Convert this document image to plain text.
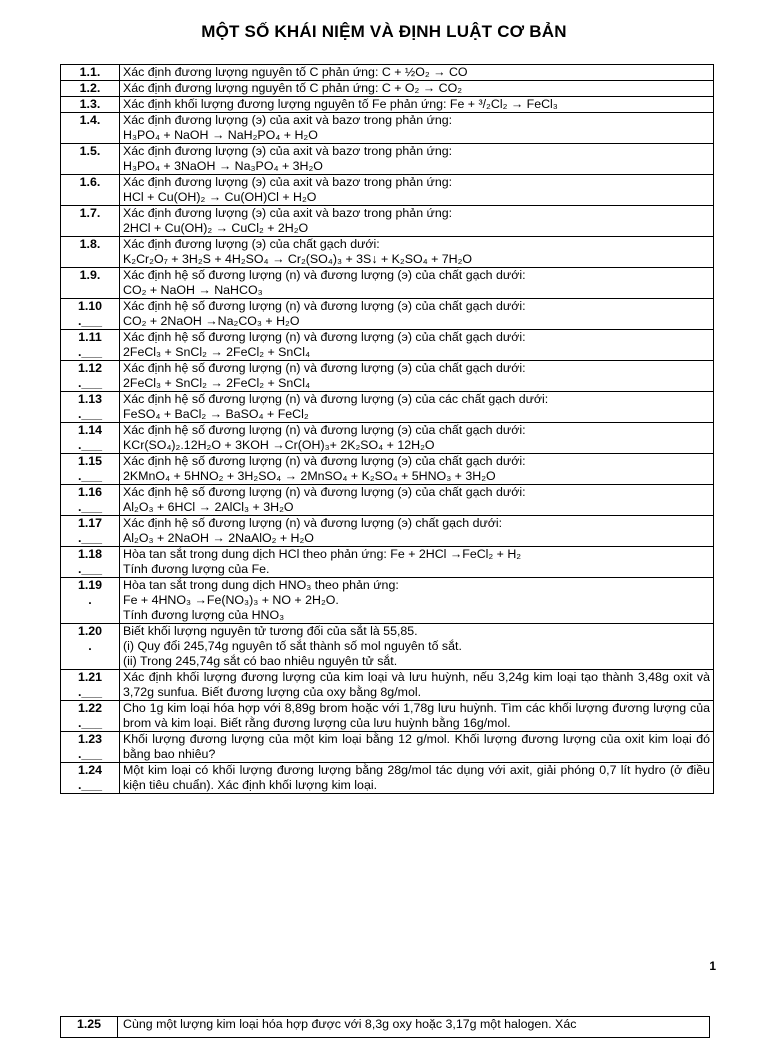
MỘT SỐ KHÁI NIỆM VÀ ĐỊNH LUẬT CƠ BẢN
1.1.	Xác định đương lượng nguyên tố C phản ứng: C + ½O₂ → CO

1.2.	Xác định đương lượng nguyên tố C phản ứng: C + O₂ → CO₂

1.3.	Xác định khối lượng đương lượng nguyên tố Fe phản ứng: Fe + ³/₂Cl₂ → FeCl₃

1.4.	Xác định đương lượng (э) của axit và bazơ trong phản ứng:
H₃PO₄ + NaOH → NaH₂PO₄ + H₂O

1.5.	Xác định đương lượng (э) của axit và bazơ trong phản ứng:
H₃PO₄ + 3NaOH → Na₃PO₄ + 3H₂O

1.6.	Xác định đương lượng (э) của axit và bazơ trong phản ứng:
HCl + Cu(OH)₂ → Cu(OH)Cl + H₂O

1.7.	Xác định đương lượng (э) của axit và bazơ trong phản ứng:
2HCl + Cu(OH)₂ → CuCl₂ + 2H₂O

1.8.	Xác định đương lượng (э) của chất gạch dưới:
K₂Cr₂O₇ + 3H₂S + 4H₂SO₄ → Cr₂(SO₄)₃ + 3S↓ + K₂SO₄ + 7H₂O

1.9.	Xác định hệ số đương lượng (n) và đương lượng (э) của chất gạch dưới:
CO₂ + NaOH → NaHCO₃

1.10
.___	Xác định hệ số đương lượng (n) và đương lượng (э) của chất gạch dưới:
CO₂ + 2NaOH →Na₂CO₃ + H₂O

1.11
.___	Xác định hệ số đương lượng (n) và đương lượng (э) của chất gạch dưới:
2FeCl₃ + SnCl₂ → 2FeCl₂ + SnCl₄

1.12
.___	Xác định hệ số đương lượng (n) và đương lượng (э) của chất gạch dưới:
2FeCl₃ + SnCl₂ → 2FeCl₂ + SnCl₄

1.13
.___	Xác định hệ số đương lượng (n) và đương lượng (э) của các chất gạch dưới:
FeSO₄ + BaCl₂ → BaSO₄ + FeCl₂

1.14
.___	Xác định hệ số đương lượng (n) và đương lượng (э) của chất gạch dưới:
KCr(SO₄)₂.12H₂O + 3KOH →Cr(OH)₃+ 2K₂SO₄ + 12H₂O

1.15
.___	Xác định hệ số đương lượng (n) và đương lượng (э) của chất gạch dưới:
2KMnO₄ + 5HNO₂ + 3H₂SO₄ → 2MnSO₄ + K₂SO₄ + 5HNO₃ + 3H₂O

1.16
.___	Xác định hệ số đương lượng (n) và đương lượng (э) của chất gạch dưới:
Al₂O₃ + 6HCl → 2AlCl₃ + 3H₂O

1.17
.___	Xác định hệ số đương lượng (n) và đương lượng (э) chất gạch dưới:
Al₂O₃ + 2NaOH → 2NaAlO₂ + H₂O

1.18
.___	Hòa tan sắt trong dung dịch HCl theo phản ứng: Fe + 2HCl →FeCl₂ + H₂
Tính đương lượng của Fe.

1.19
.	Hòa tan sắt trong dung dịch HNO₃ theo phản ứng:
Fe + 4HNO₃ →Fe(NO₃)₃ + NO + 2H₂O.
Tính đương lượng của HNO₃

1.20
.	Biết khối lượng nguyên tử tương đối của sắt là 55,85.
(i) Quy đổi 245,74g nguyên tố sắt thành số mol nguyên tố sắt.
(ii) Trong 245,74g sắt có bao nhiêu nguyên tử sắt.

1.21
.___	Xác định khối lượng đương lượng của kim loại và lưu huỳnh, nếu 3,24g kim loại tạo thành 3,48g oxit và 3,72g sunfua. Biết đương lượng của oxy bằng 8g/mol.

1.22
.___	Cho 1g kim loại hóa hợp với 8,89g brom hoặc với 1,78g lưu huỳnh. Tìm các khối lượng đương lượng của brom và kim loại. Biết rằng đương lượng của lưu huỳnh bằng 16g/mol.

1.23
.___	Khối lượng đương lượng của một kim loại bằng 12 g/mol. Khối lượng đương lượng của oxit kim loại đó bằng bao nhiêu?

1.24
.___	Một kim loại có khối lượng đương lượng bằng 28g/mol tác dụng với axit, giải phóng 0,7 lít hydro (ở điều kiện tiêu chuẩn). Xác định khối lượng kim loại.
1
1.25	Cùng một lượng kim loại hóa hợp được với 8,3g oxy hoặc 3,17g một halogen. Xác
